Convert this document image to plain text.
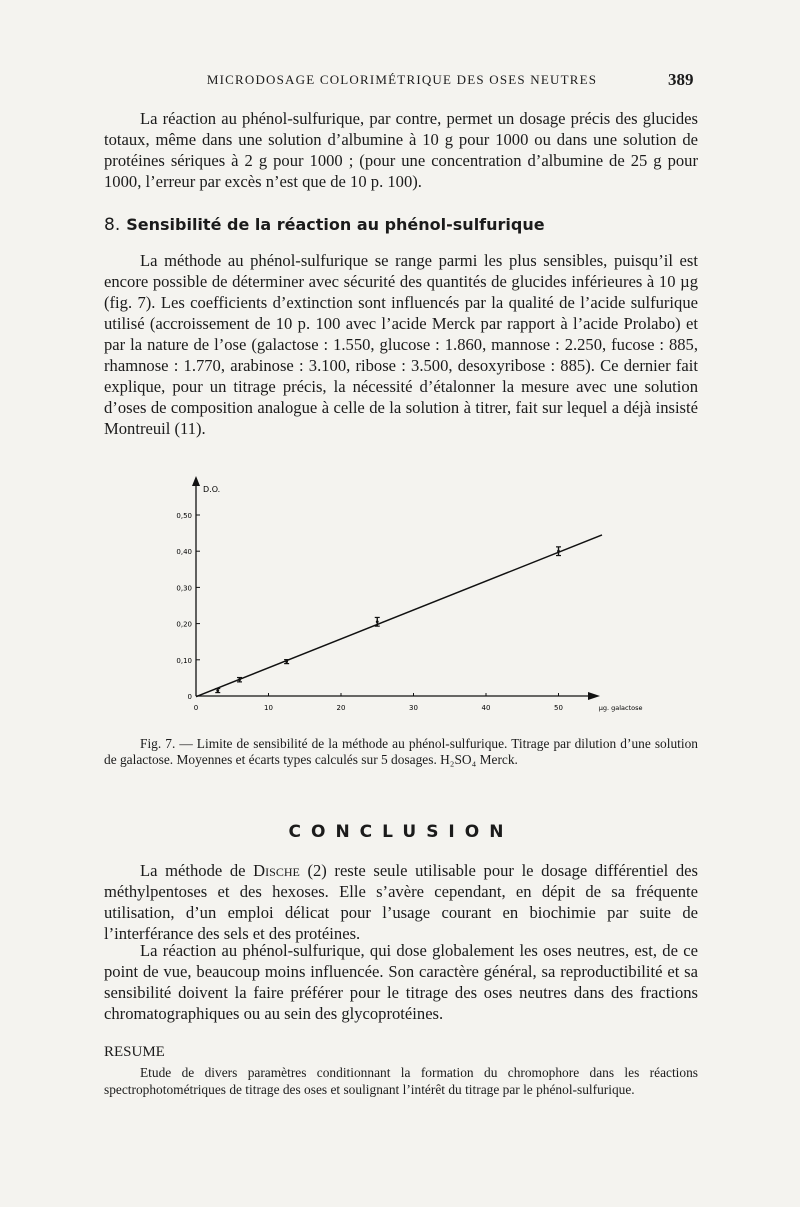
MICRODOSAGE COLORIMÉTRIQUE DES OSES NEUTRES	389

La réaction au phénol-sulfurique, par contre, permet un dosage précis des glucides totaux, même dans une solution d’albumine à 10 g pour 1000 ou dans une solution de protéines sériques à 2 g pour 1000 ; (pour une concentration d’albumine de 25 g pour 1000, l’erreur par excès n’est que de 10 p. 100).

8. Sensibilité de la réaction au phénol-sulfurique

La méthode au phénol-sulfurique se range parmi les plus sensibles, puisqu’il est encore possible de déterminer avec sécurité des quantités de glucides inférieures à 10 µg (fig. 7). Les coefficients d’extinction sont influencés par la qualité de l’acide sulfurique utilisé (accroissement de 10 p. 100 avec l’acide Merck par rapport à l’acide Prolabo) et par la nature de l’ose (galactose : 1.550, glucose : 1.860, mannose : 2.250, fucose : 885, rhamnose : 1.770, arabinose : 3.100, ribose : 3.500, desoxyribose : 885). Ce dernier fait explique, pour un titrage précis, la nécessité d’étalonner la mesure avec une solution d’oses de composition analogue à celle de la solution à titrer, fait sur lequel a déjà insisté Montreuil (11).

D.O.
0
0,10
0,20
0,30
0,40
0,50
0	10	20	30	40	50	µg. galactose
Fig. 7. — Limite de sensibilité de la méthode au phénol-sulfurique. Titrage par dilution d’une solution de galactose. Moyennes et écarts types calculés sur 5 dosages. H₂SO₄ Merck.
CONCLUSION

La méthode de Dische (2) reste seule utilisable pour le dosage différentiel des méthylpentoses et des hexoses. Elle s’avère cependant, en dépit de sa fréquente utilisation, d’un emploi délicat pour l’usage courant en biochimie par suite de l’interférance des sels et des protéines.

La réaction au phénol-sulfurique, qui dose globalement les oses neutres, est, de ce point de vue, beaucoup moins influencée. Son caractère général, sa reproductibilité et sa sensibilité doivent la faire préférer pour le titrage des oses neutres dans des fractions chromatographiques ou au sein des glycoprotéines.

RESUME
Etude de divers paramètres conditionnant la formation du chromophore dans les réactions spectrophotométriques de titrage des oses et soulignant l’intérêt du titrage par le phénol-sulfurique.
